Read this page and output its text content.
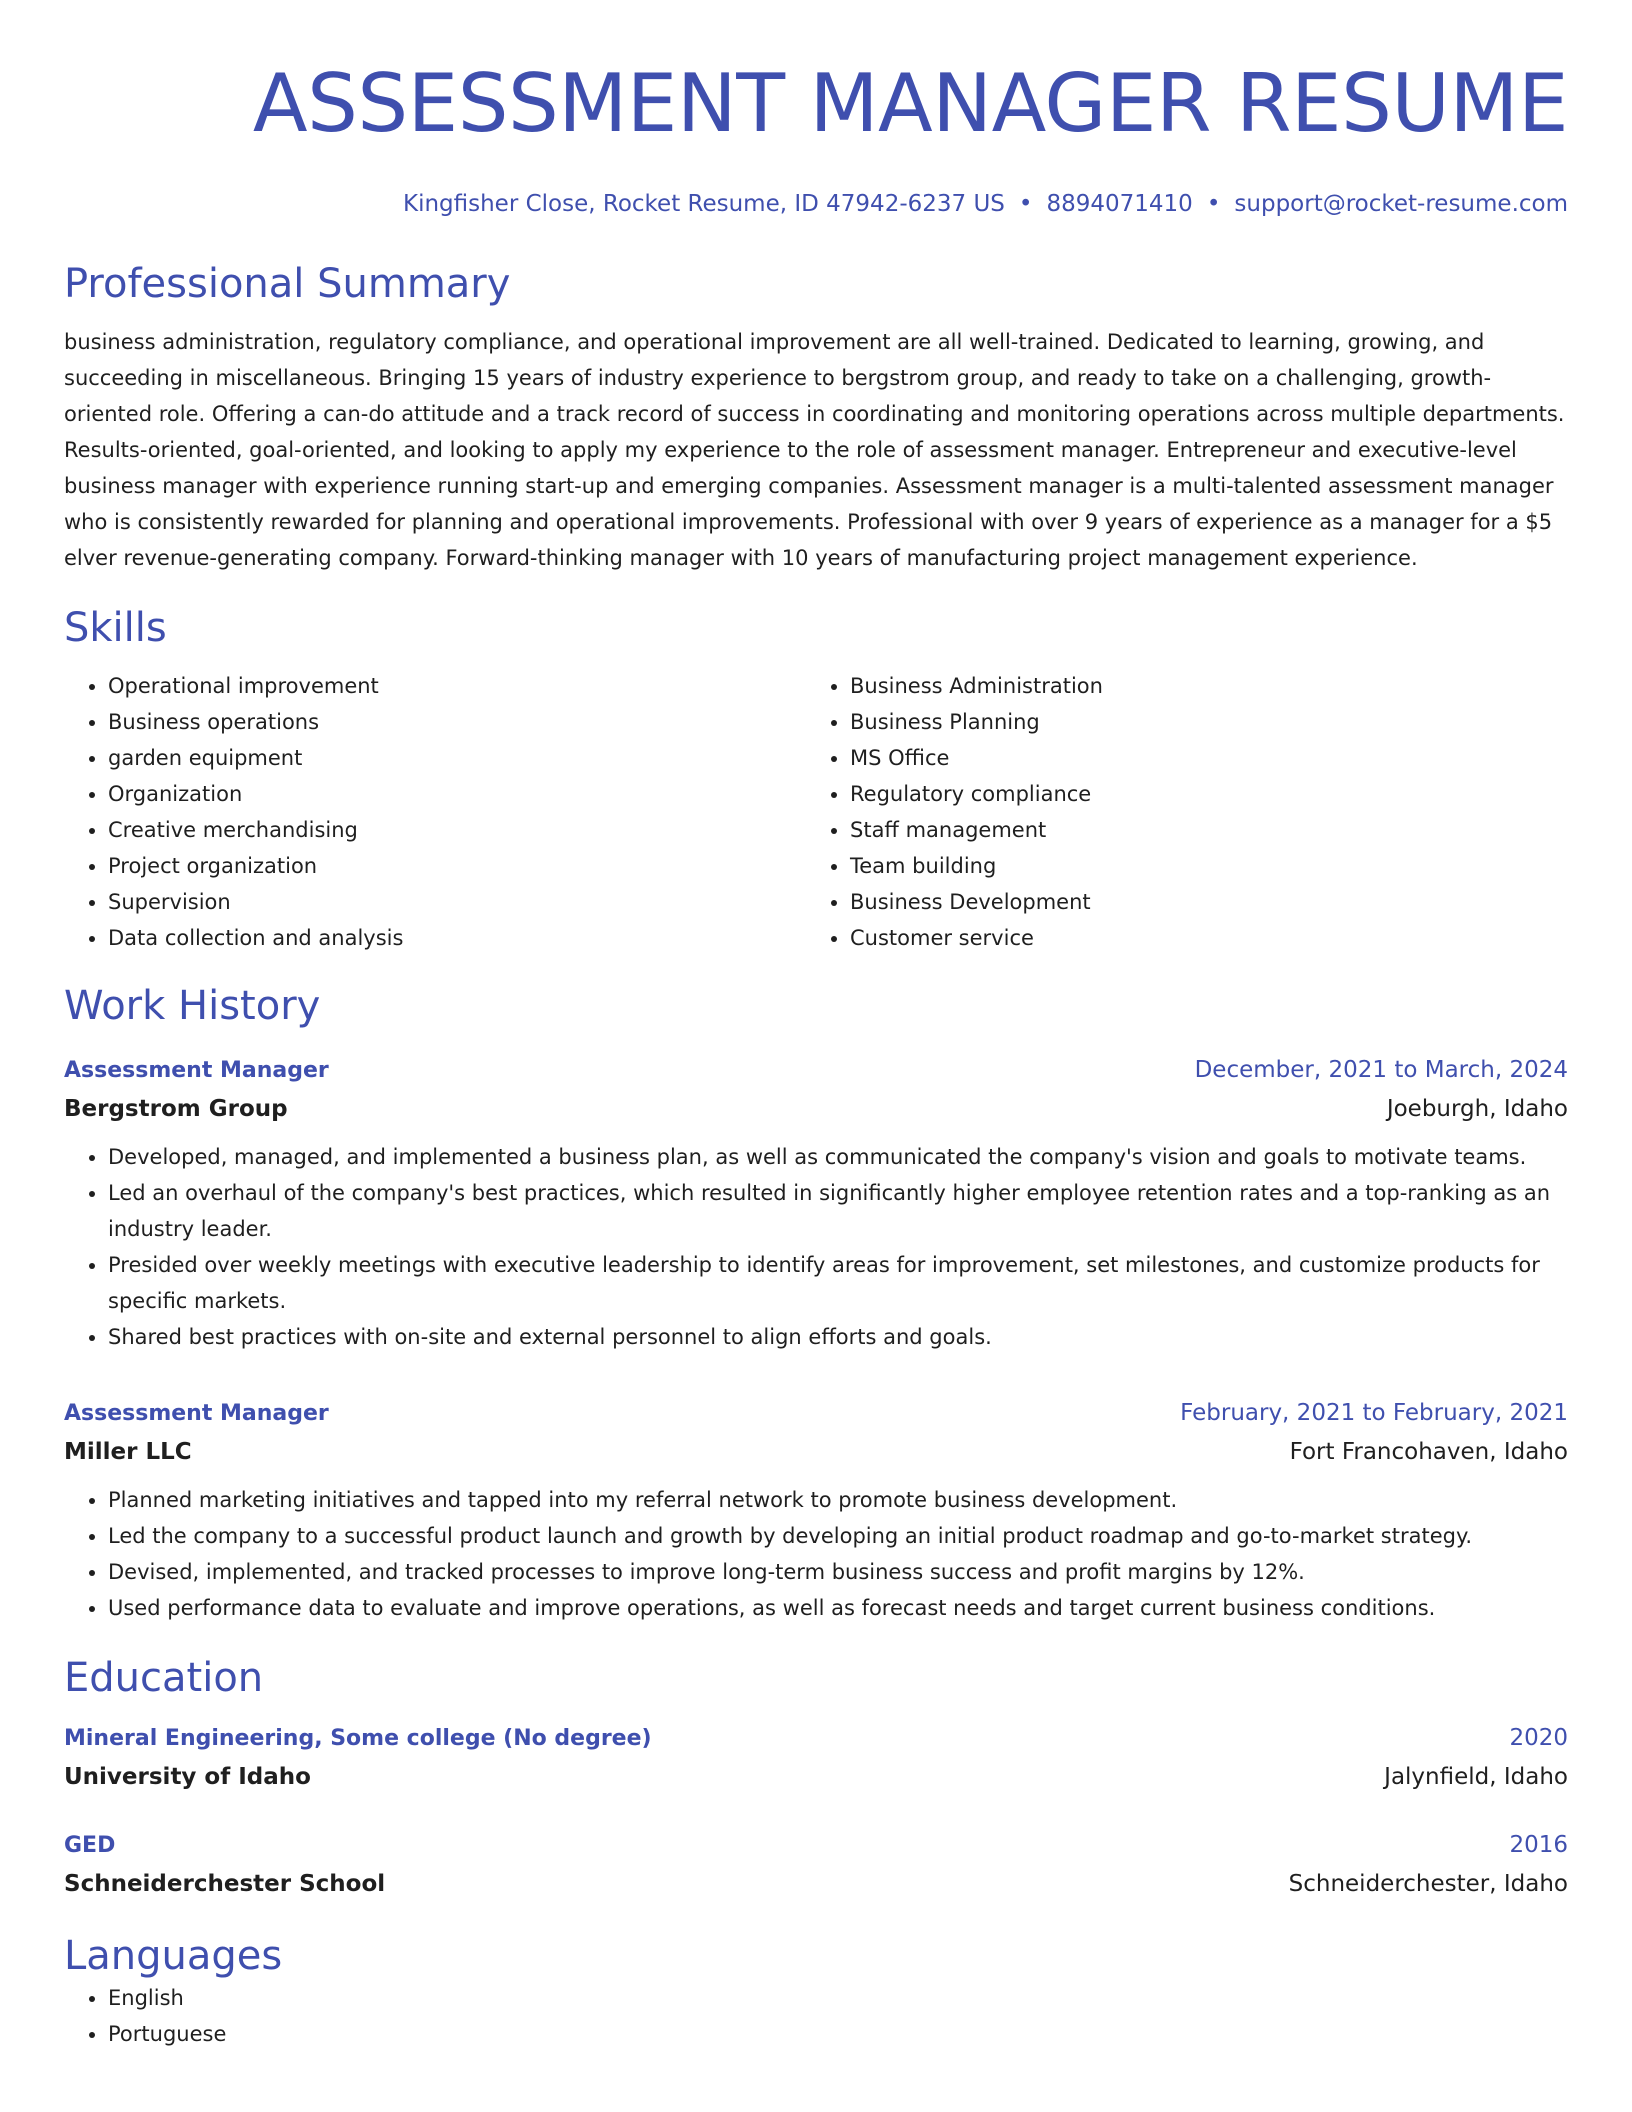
ASSESSMENT MANAGER RESUME
Kingfisher Close, Rocket Resume, ID 47942-6237 US • 8894071410 • support@rocket-resume.com
Professional Summary
business administration, regulatory compliance, and operational improvement are all well-trained. Dedicated to learning, growing, and succeeding in miscellaneous. Bringing 15 years of industry experience to bergstrom group, and ready to take on a challenging, growth-oriented role. Offering a can-do attitude and a track record of success in coordinating and monitoring operations across multiple departments. Results-oriented, goal-oriented, and looking to apply my experience to the role of assessment manager. Entrepreneur and executive-level business manager with experience running start-up and emerging companies. Assessment manager is a multi-talented assessment manager who is consistently rewarded for planning and operational improvements. Professional with over 9 years of experience as a manager for a $5 elver revenue-generating company. Forward-thinking manager with 10 years of manufacturing project management experience.
Skills
• Operational improvement
• Business operations
• garden equipment
• Organization
• Creative merchandising
• Project organization
• Supervision
• Data collection and analysis
• Business Administration
• Business Planning
• MS Office
• Regulatory compliance
• Staff management
• Team building
• Business Development
• Customer service
Work History
Assessment Manager	December, 2021 to March, 2024
Bergstrom Group	Joeburgh, Idaho
• Developed, managed, and implemented a business plan, as well as communicated the company's vision and goals to motivate teams.
• Led an overhaul of the company's best practices, which resulted in significantly higher employee retention rates and a top-ranking as an industry leader.
• Presided over weekly meetings with executive leadership to identify areas for improvement, set milestones, and customize products for specific markets.
• Shared best practices with on-site and external personnel to align efforts and goals.
Assessment Manager	February, 2021 to February, 2021
Miller LLC	Fort Francohaven, Idaho
• Planned marketing initiatives and tapped into my referral network to promote business development.
• Led the company to a successful product launch and growth by developing an initial product roadmap and go-to-market strategy.
• Devised, implemented, and tracked processes to improve long-term business success and profit margins by 12%.
• Used performance data to evaluate and improve operations, as well as forecast needs and target current business conditions.
Education
Mineral Engineering, Some college (No degree)	2020
University of Idaho	Jalynfield, Idaho
GED	2016
Schneiderchester School	Schneiderchester, Idaho
Languages
• English
• Portuguese
